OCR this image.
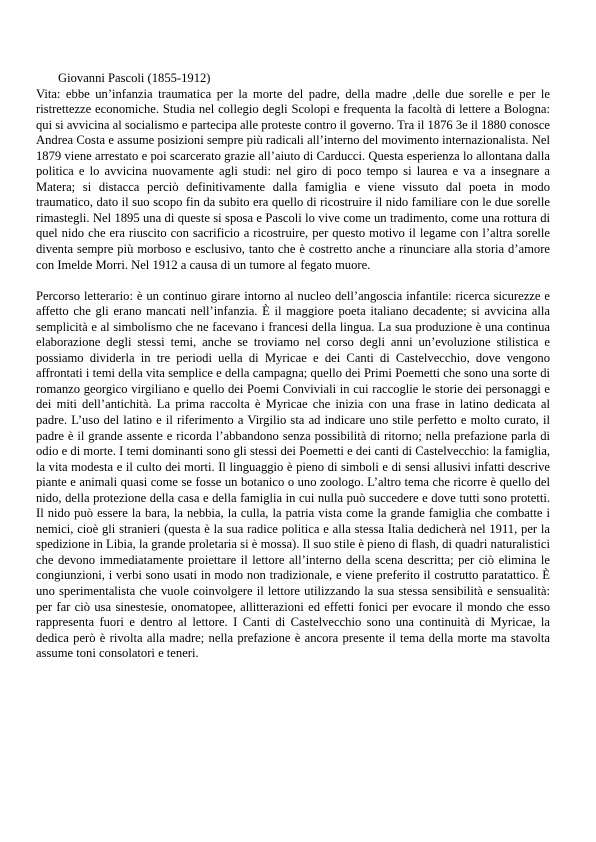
Giovanni Pascoli (1855-1912)

Vita: ebbe un’infanzia traumatica per la morte del padre, della madre ,delle due sorelle e per le ristrettezze economiche. Studia nel collegio degli Scolopi e frequenta la facoltà di lettere a Bologna: qui si avvicina al socialismo e partecipa alle proteste contro il governo. Tra il 1876 3e il 1880 conosce Andrea Costa e assume posizioni sempre più radicali all’interno del movimento internazionalista. Nel 1879 viene arrestato e poi scarcerato grazie all’aiuto di Carducci. Questa esperienza lo allontana dalla politica e lo avvicina nuovamente agli studi: nel giro di poco tempo si laurea e va a insegnare a Matera; si distacca perciò definitivamente dalla famiglia e viene vissuto dal poeta in modo traumatico, dato il suo scopo fin da subito era quello di ricostruire il nido familiare con le due sorelle rimastegli. Nel 1895 una di queste si sposa e Pascoli lo vive come un tradimento, come una rottura di quel nido che era riuscito con sacrificio a ricostruire, per questo motivo il legame con l’altra sorelle diventa sempre più morboso e esclusivo, tanto che è costretto anche a rinunciare alla storia d’amore con Imelde Morri. Nel 1912 a causa di un tumore al fegato muore.

Percorso letterario: è un continuo girare intorno al nucleo dell’angoscia infantile: ricerca sicurezze e affetto che gli erano mancati nell’infanzia. È il maggiore poeta italiano decadente; si avvicina alla semplicità e al simbolismo che ne facevano i francesi della lingua. La sua produzione è una continua elaborazione degli stessi temi, anche se troviamo nel corso degli anni un’evoluzione stilistica e possiamo dividerla in tre periodi uella di Myricae e dei Canti di Castelvecchio, dove vengono affrontati i temi della vita semplice e della campagna; quello dei Primi Poemetti che sono una sorte di romanzo georgico virgiliano e quello dei Poemi Conviviali in cui raccoglie le storie dei personaggi e dei miti dell’antichità. La prima raccolta è Myricae che inizia con una frase in latino dedicata al padre. L’uso del latino e il riferimento a Virgilio sta ad indicare uno stile perfetto e molto curato, il padre è il grande assente e ricorda l’abbandono senza possibilità di ritorno; nella prefazione parla di odio e di morte. I temi dominanti sono gli stessi dei Poemetti e dei canti di Castelvecchio: la famiglia, la vita modesta e il culto dei morti. Il linguaggio è pieno di simboli e di sensi allusivi infatti descrive piante e animali quasi come se fosse un botanico o uno zoologo. L’altro tema che ricorre è quello del nido, della protezione della casa e della famiglia in cui nulla può succedere e dove tutti sono protetti. Il nido può essere la bara, la nebbia, la culla, la patria vista come la grande famiglia che combatte i nemici, cioè gli stranieri (questa è la sua radice politica e alla stessa Italia dedicherà nel 1911, per la spedizione in Libia, la grande proletaria si è mossa). Il suo stile è pieno di flash, di quadri naturalistici che devono immediatamente proiettare il lettore all’interno della scena descritta; per ciò elimina le congiunzioni, i verbi sono usati in modo non tradizionale, e viene preferito il costrutto paratattico. È uno sperimentalista che vuole coinvolgere il lettore utilizzando la sua stessa sensibilità e sensualità: per far ciò usa sinestesie, onomatopee, allitterazioni ed effetti fonici per evocare il mondo che esso rappresenta fuori e dentro al lettore. I Canti di Castelvecchio sono una continuità di Myricae, la dedica però è rivolta alla madre; nella prefazione è ancora presente il tema della morte ma stavolta assume toni consolatori e teneri.
